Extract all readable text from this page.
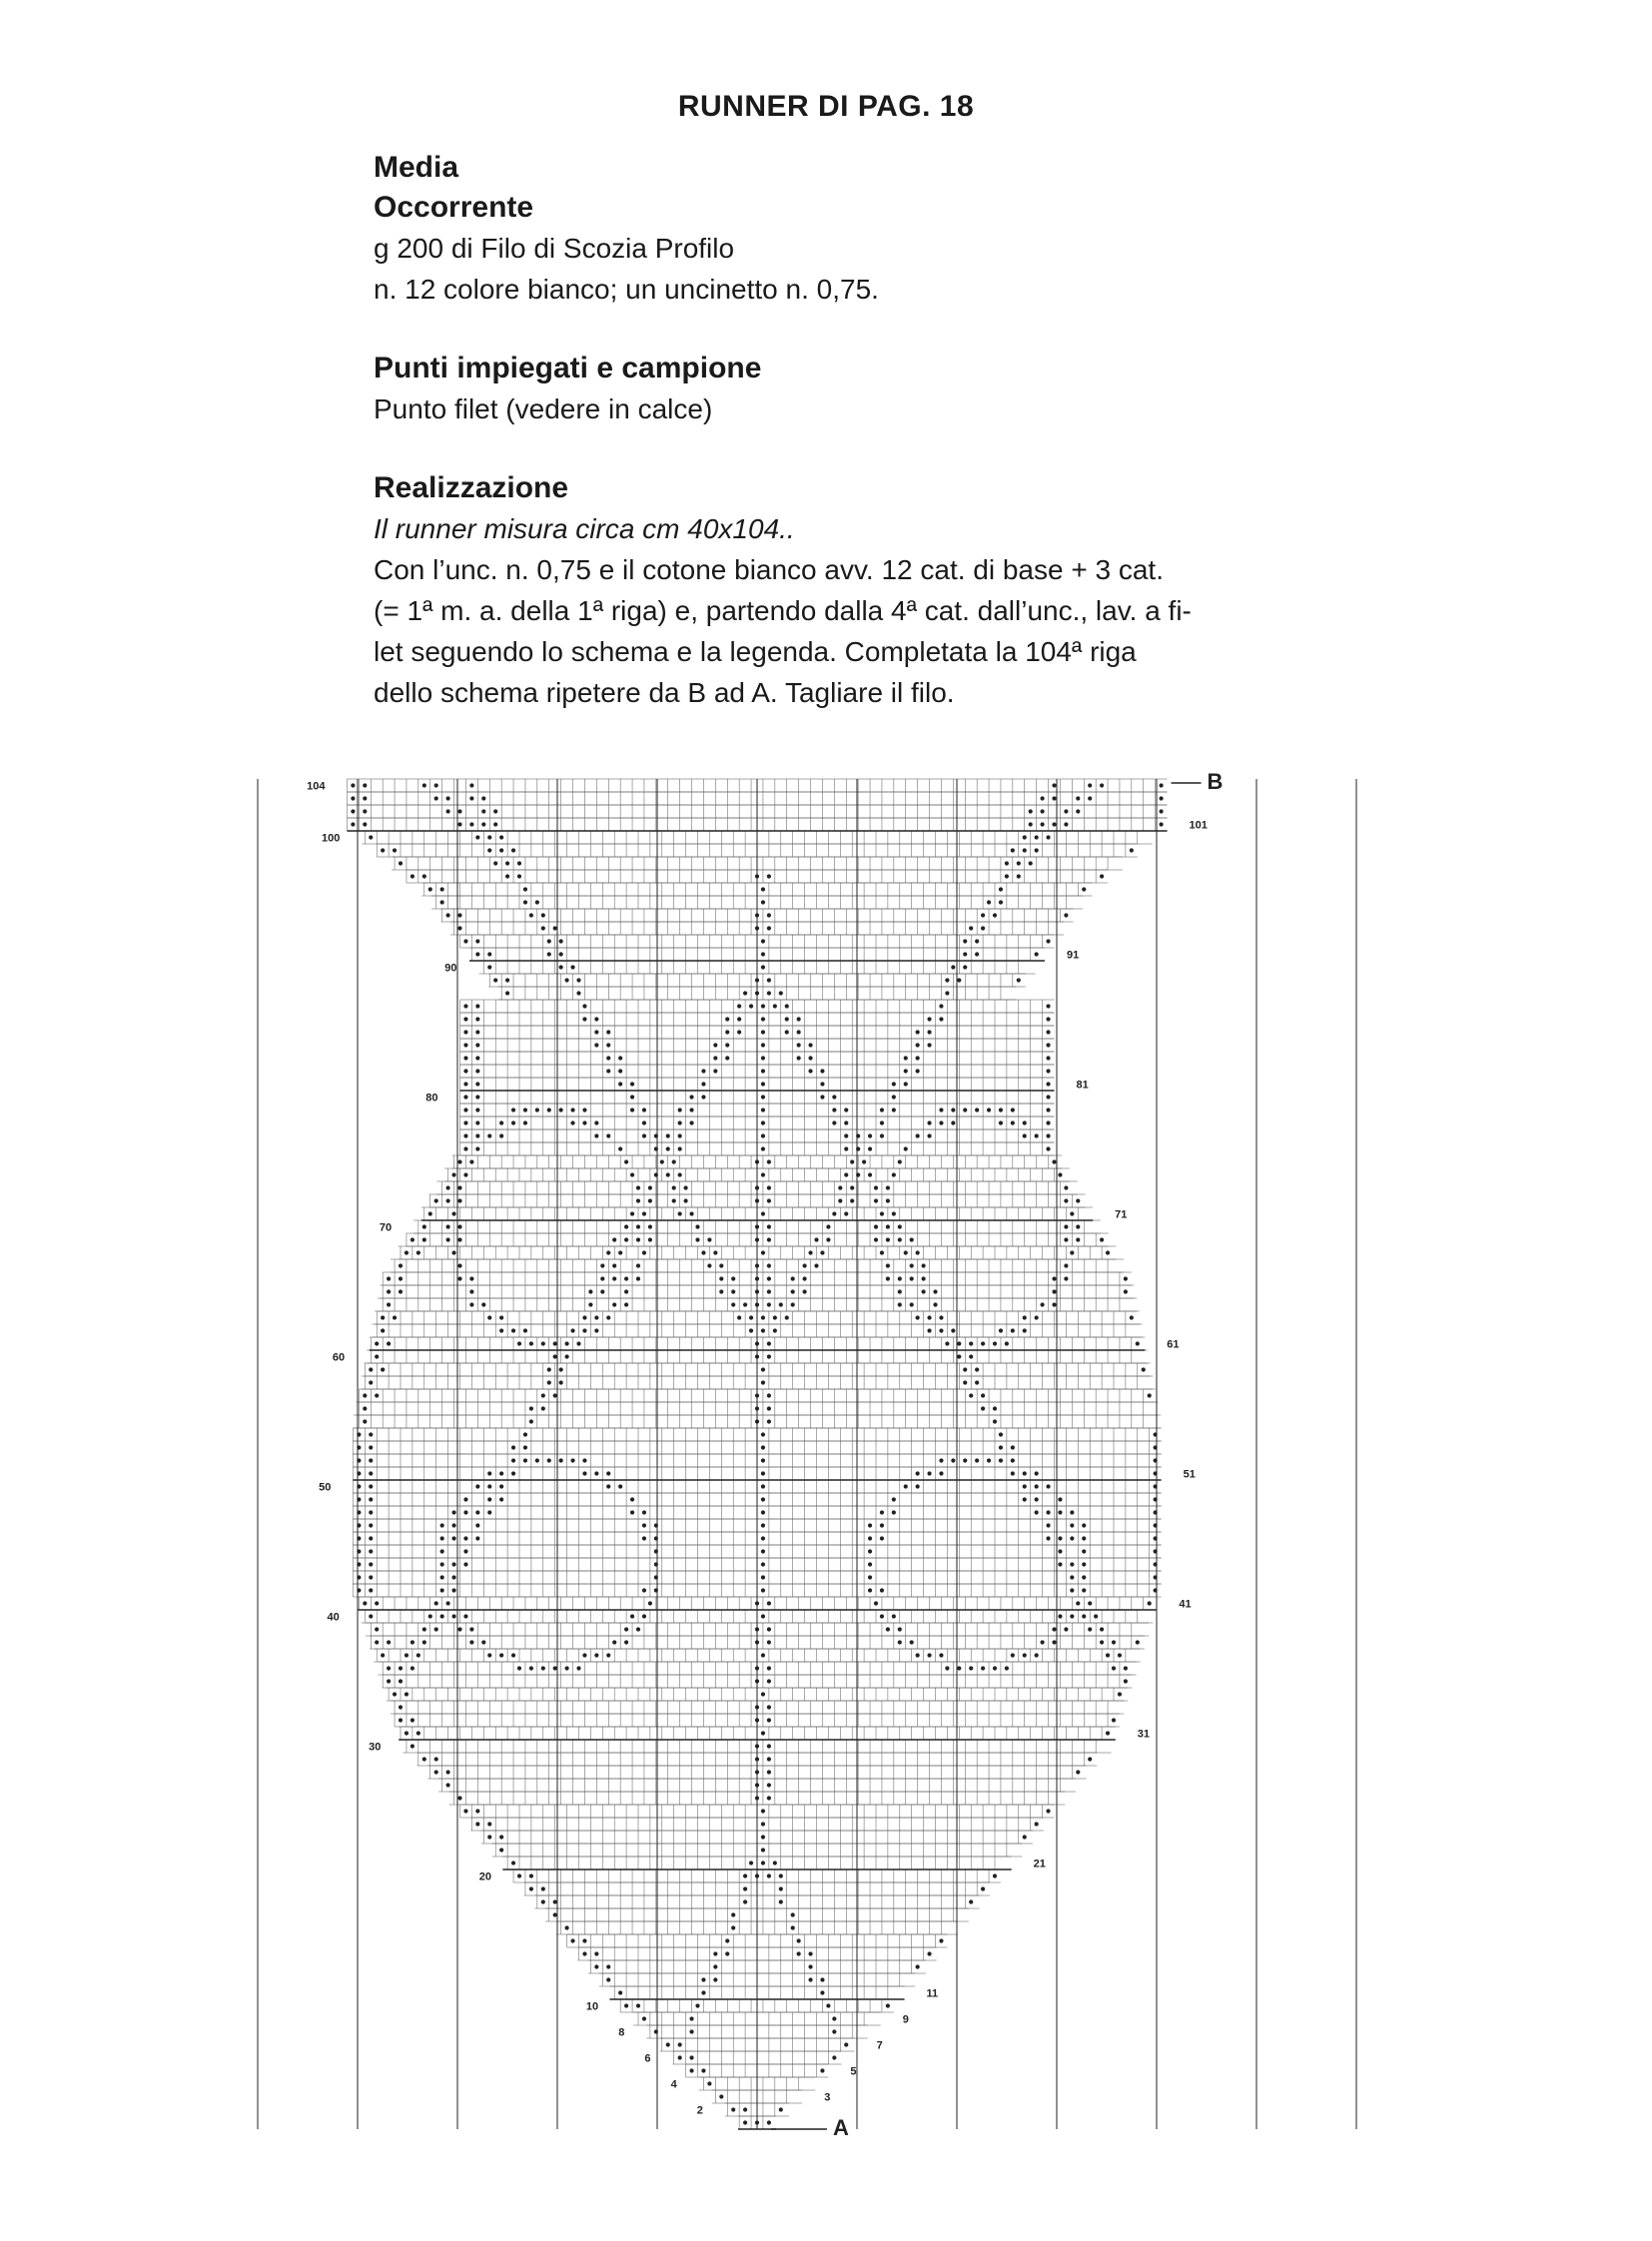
RUNNER DI PAG. 18
Media
Occorrente

g 200 di Filo di Scozia Profilo

n. 12 colore bianco; un uncinetto n. 0,75.

Punti impiegati e campione

Punto filet (vedere in calce)

Realizzazione

Il runner misura circa cm 40x104..

Con l’unc. n. 0,75 e il cotone bianco avv. 12 cat. di base + 3 cat.

(= 1ª m. a. della 1ª riga) e, partendo dalla 4ª cat. dall’unc., lav. a fi-

let seguendo lo schema e la legenda. Completata la 104ª riga

dello schema ripetere da B ad A. Tagliare il filo.

104
100
90
80
70
60
50
40
30
20
10
8
6
4
2
101
91
81
71
61
51
41
31
21
11
9
7
5
3
B
A
